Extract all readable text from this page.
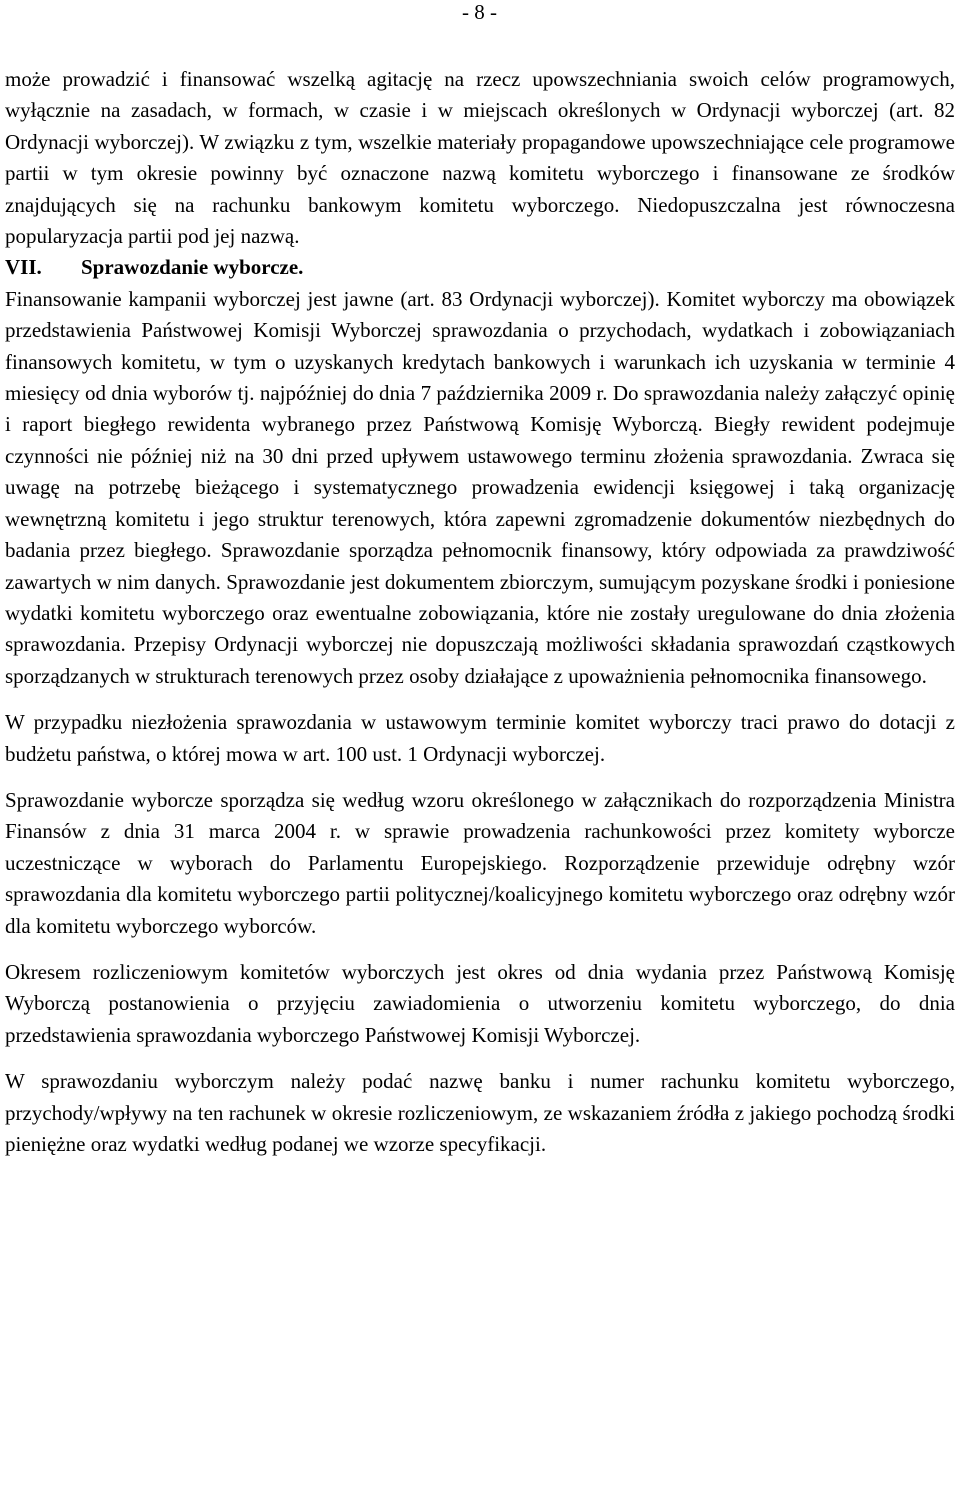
- 8 -

może prowadzić i finansować wszelką agitację na rzecz upowszechniania swoich celów programowych, wyłącznie na zasadach, w formach, w czasie i w miejscach określonych w Ordynacji wyborczej (art. 82 Ordynacji wyborczej). W związku z tym, wszelkie materiały propagandowe upowszechniające cele programowe partii w tym okresie powinny być oznaczone nazwą komitetu wyborczego i finansowane ze środków znajdujących się na rachunku bankowym komitetu wyborczego. Niedopuszczalna jest równoczesna popularyzacja partii pod jej nazwą.

VII.	Sprawozdanie wyborcze.

Finansowanie kampanii wyborczej jest jawne (art. 83 Ordynacji wyborczej). Komitet wyborczy ma obowiązek przedstawienia Państwowej Komisji Wyborczej sprawozdania o przychodach, wydatkach i zobowiązaniach finansowych komitetu, w tym o uzyskanych kredytach bankowych i warunkach ich uzyskania w terminie 4 miesięcy od dnia wyborów tj. najpóźniej do dnia 7 października 2009 r. Do sprawozdania należy załączyć opinię i raport biegłego rewidenta wybranego przez Państwową Komisję Wyborczą. Biegły rewident podejmuje czynności nie później niż na 30 dni przed upływem ustawowego terminu złożenia sprawozdania. Zwraca się uwagę na potrzebę bieżącego i systematycznego prowadzenia ewidencji księgowej i taką organizację wewnętrzną komitetu i jego struktur terenowych, która zapewni zgromadzenie dokumentów niezbędnych do badania przez biegłego. Sprawozdanie sporządza pełnomocnik finansowy, który odpowiada za prawdziwość zawartych w nim danych. Sprawozdanie jest dokumentem zbiorczym, sumującym pozyskane środki i poniesione wydatki komitetu wyborczego oraz ewentualne zobowiązania, które nie zostały uregulowane do dnia złożenia sprawozdania. Przepisy Ordynacji wyborczej nie dopuszczają możliwości składania sprawozdań cząstkowych sporządzanych w strukturach terenowych przez osoby działające z upoważnienia pełnomocnika finansowego.

W przypadku niezłożenia sprawozdania w ustawowym terminie komitet wyborczy traci prawo do dotacji z budżetu państwa, o której mowa w art. 100 ust. 1 Ordynacji wyborczej.

Sprawozdanie wyborcze sporządza się według wzoru określonego w załącznikach do rozporządzenia Ministra Finansów z dnia 31 marca 2004 r. w sprawie prowadzenia rachunkowości przez komitety wyborcze uczestniczące w wyborach do Parlamentu Europejskiego. Rozporządzenie przewiduje odrębny wzór sprawozdania dla komitetu wyborczego partii politycznej/koalicyjnego komitetu wyborczego oraz odrębny wzór dla komitetu wyborczego wyborców.

Okresem rozliczeniowym komitetów wyborczych jest okres od dnia wydania przez Państwową Komisję Wyborczą postanowienia o przyjęciu zawiadomienia o utworzeniu komitetu wyborczego, do dnia przedstawienia sprawozdania wyborczego Państwowej Komisji Wyborczej.

W sprawozdaniu wyborczym należy podać nazwę banku i numer rachunku komitetu wyborczego, przychody/wpływy na ten rachunek w okresie rozliczeniowym, ze wskazaniem źródła z jakiego pochodzą środki pieniężne oraz wydatki według podanej we wzorze specyfikacji.
